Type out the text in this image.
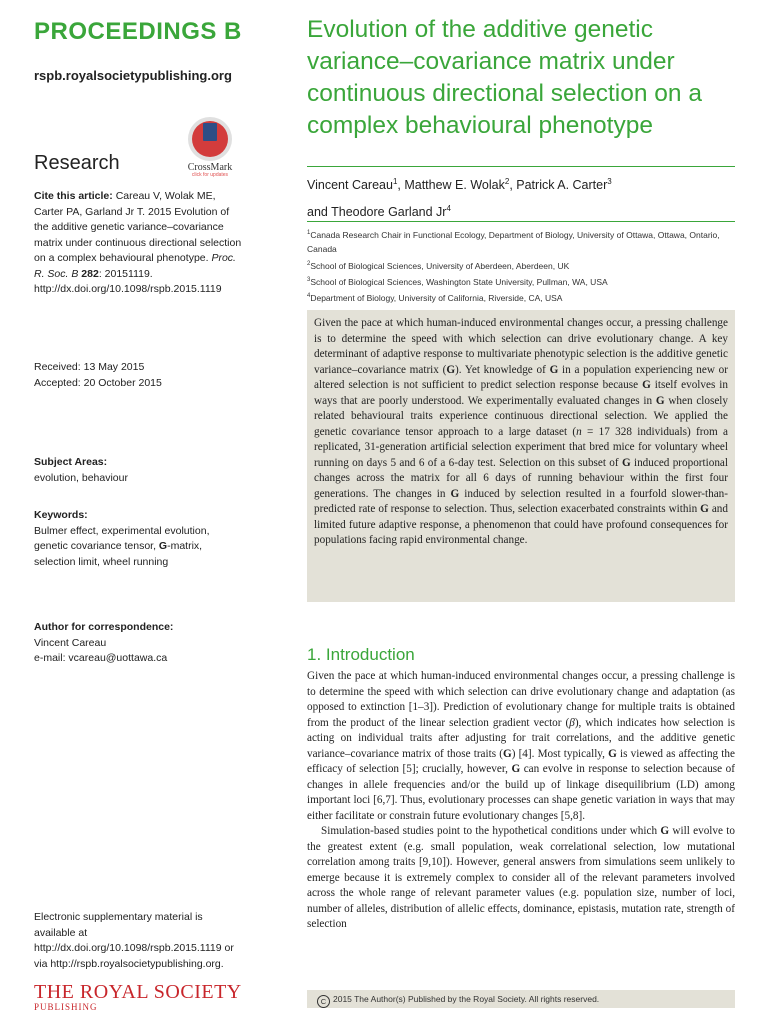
PROCEEDINGS B
rspb.royalsocietypublishing.org
Research	CrossMark
click for updates
Cite this article: Careau V, Wolak ME, Carter PA, Garland Jr T. 2015 Evolution of the additive genetic variance–covariance matrix under continuous directional selection on a complex behavioural phenotype. Proc. R. Soc. B 282: 20151119.
http://dx.doi.org/10.1098/rspb.2015.1119
Received: 13 May 2015
Accepted: 20 October 2015
Subject Areas:
evolution, behaviour
Keywords:
Bulmer effect, experimental evolution, genetic covariance tensor, G-matrix, selection limit, wheel running
Author for correspondence:
Vincent Careau
e-mail: vcareau@uottawa.ca
Electronic supplementary material is available at http://dx.doi.org/10.1098/rspb.2015.1119 or via http://rspb.royalsocietypublishing.org.
THE ROYAL SOCIETY
PUBLISHING
Evolution of the additive genetic variance–covariance matrix under continuous directional selection on a complex behavioural phenotype
Vincent Careau$^1$, Matthew E. Wolak$^2$, Patrick A. Carter$^3$
and Theodore Garland Jr$^4$
$^1$Canada Research Chair in Functional Ecology, Department of Biology, University of Ottawa, Ottawa, Ontario, Canada
$^2$School of Biological Sciences, University of Aberdeen, Aberdeen, UK
$^3$School of Biological Sciences, Washington State University, Pullman, WA, USA
$^4$Department of Biology, University of California, Riverside, CA, USA
Given the pace at which human-induced environmental changes occur, a pressing challenge is to determine the speed with which selection can drive evolutionary change. A key determinant of adaptive response to multivariate phenotypic selection is the additive genetic variance–covariance matrix (G). Yet knowledge of G in a population experiencing new or altered selection is not sufficient to predict selection response because G itself evolves in ways that are poorly understood. We experimentally evaluated changes in G when closely related behavioural traits experience continuous directional selection. We applied the genetic covariance tensor approach to a large dataset (n = 17 328 individuals) from a replicated, 31-generation artificial selection experiment that bred mice for voluntary wheel running on days 5 and 6 of a 6-day test. Selection on this subset of G induced proportional changes across the matrix for all 6 days of running behaviour within the first four generations. The changes in G induced by selection resulted in a fourfold slower-than-predicted rate of response to selection. Thus, selection exacerbated constraints within G and limited future adaptive response, a phenomenon that could have profound consequences for populations facing rapid environmental change.
1. Introduction

Given the pace at which human-induced environmental changes occur, a pressing challenge is to determine the speed with which selection can drive evolutionary change and adaptation (as opposed to extinction [1–3]). Prediction of evolutionary change for multiple traits is obtained from the product of the linear selection gradient vector (β), which indicates how selection is acting on individual traits after adjusting for trait correlations, and the additive genetic variance–covariance matrix of those traits (G) [4]. Most typically, G is viewed as affecting the efficacy of selection [5]; crucially, however, G can evolve in response to selection because of changes in allele frequencies and/or the build up of linkage disequilibrium (LD) among important loci [6,7]. Thus, evolutionary processes can shape genetic variation in ways that may either facilitate or constrain future evolutionary changes [5,8].

Simulation-based studies point to the hypothetical conditions under which G will evolve to the greatest extent (e.g. small population, weak correlational selection, low mutational correlation among traits [9,10]). However, general answers from simulations seem unlikely to emerge because it is extremely complex to consider all of the relevant parameters involved across the whole range of relevant parameter values (e.g. population size, number of loci, number of alleles, distribution of allelic effects, dominance, epistasis, mutation rate, strength of selection

C 2015 The Author(s) Published by the Royal Society. All rights reserved.
